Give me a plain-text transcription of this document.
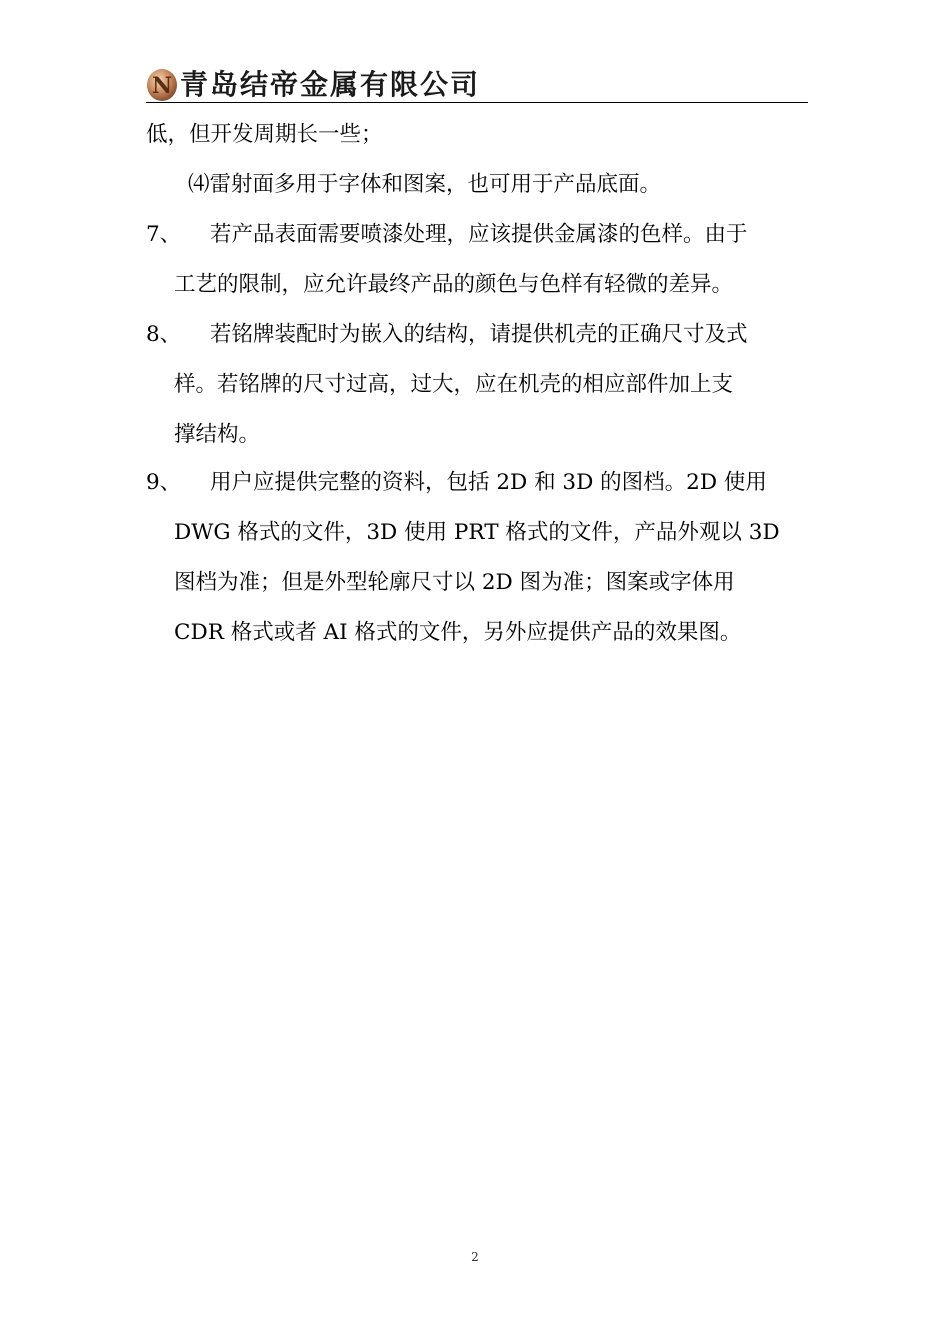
N 青岛结帝金属有限公司
低，但开发周期长一些；
⑷雷射面多用于字体和图案，也可用于产品底面。
7、 若产品表面需要喷漆处理，应该提供金属漆的色样。由于
工艺的限制，应允许最终产品的颜色与色样有轻微的差异。
8、 若铭牌装配时为嵌入的结构，请提供机壳的正确尺寸及式
样。若铭牌的尺寸过高，过大，应在机壳的相应部件加上支
撑结构。
9、 用户应提供完整的资料，包括 2D 和 3D 的图档。2D 使用
DWG 格式的文件，3D 使用 PRT 格式的文件，产品外观以 3D
图档为准；但是外型轮廓尺寸以 2D 图为准；图案或字体用
CDR 格式或者 AI 格式的文件，另外应提供产品的效果图。
2
